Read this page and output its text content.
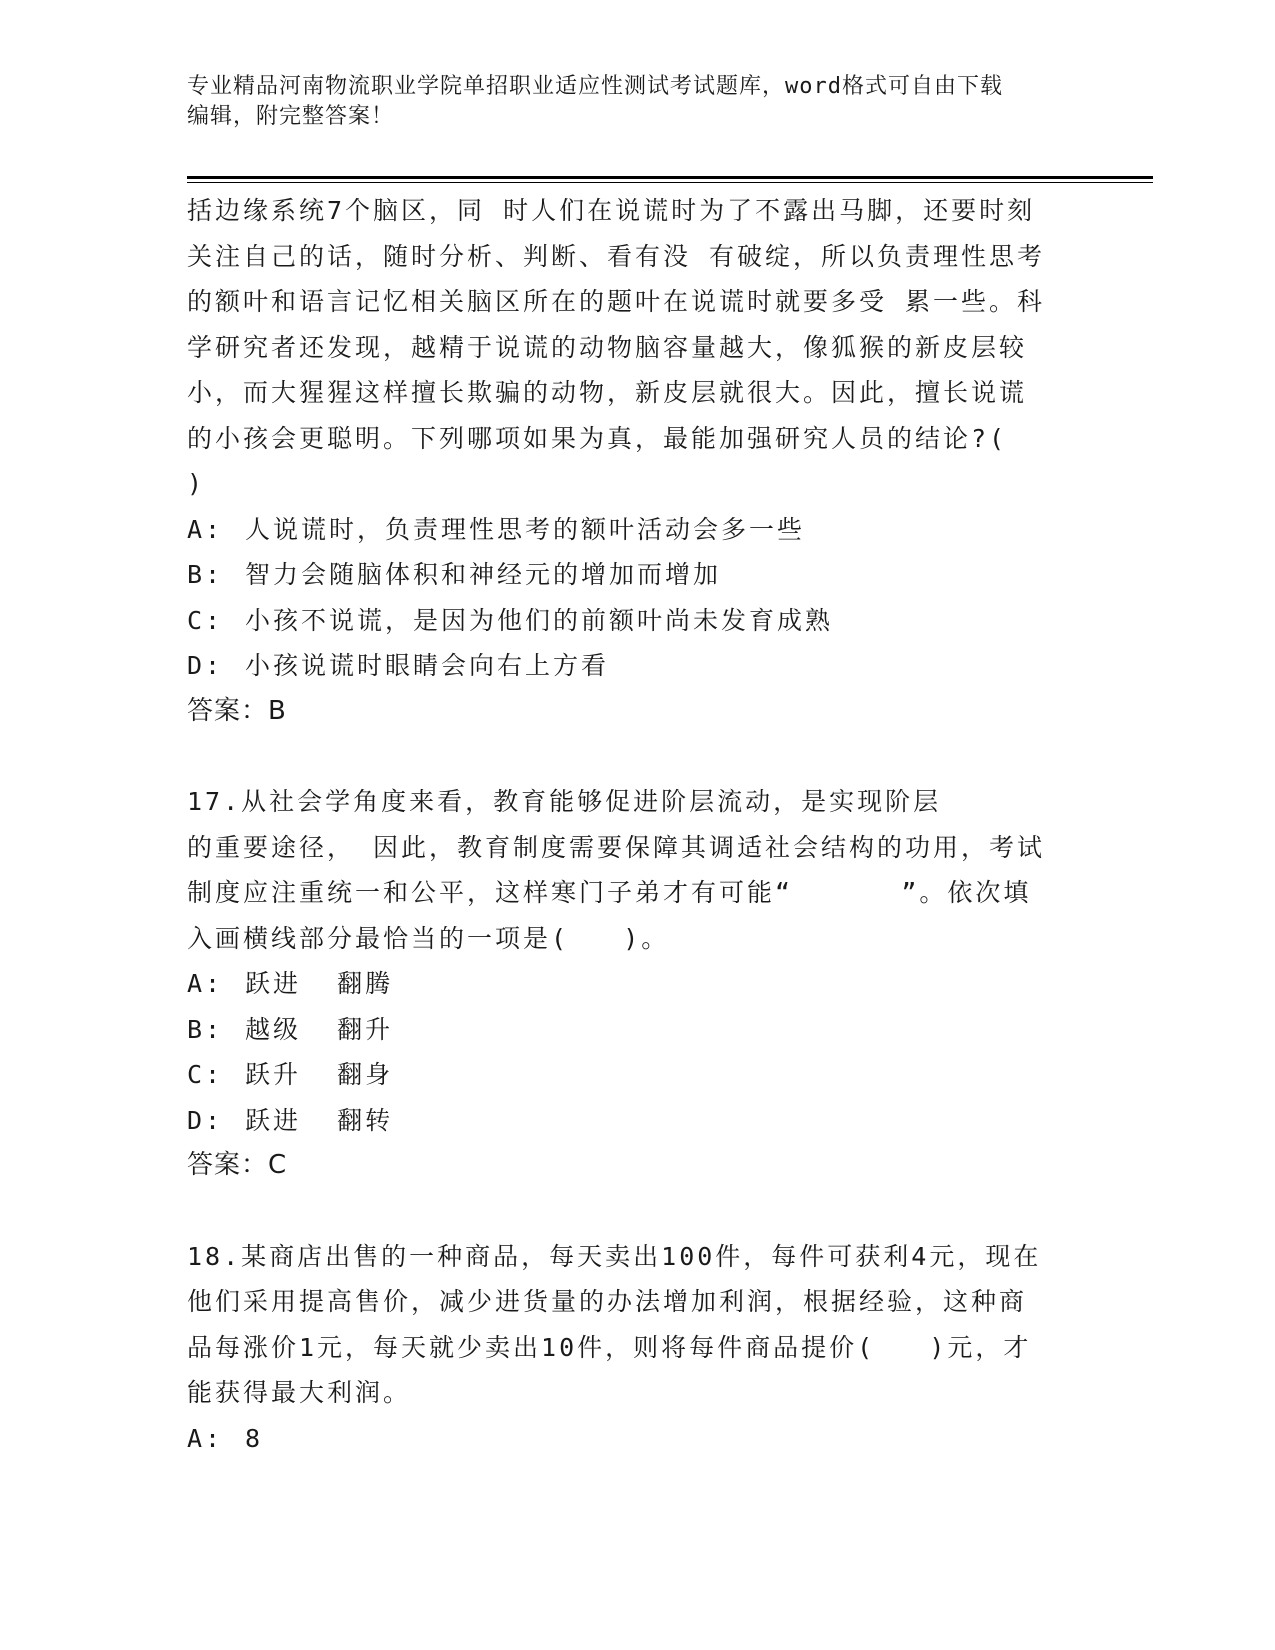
专业精品河南物流职业学院单招职业适应性测试考试题库，word格式可自由下载
编辑，附完整答案！

括边缘系统7个脑区，同 时人们在说谎时为了不露出马脚，还要时刻

关注自己的话，随时分析、判断、看有没 有破绽，所以负责理性思考

的额叶和语言记忆相关脑区所在的题叶在说谎时就要多受 累一些。科

学研究者还发现，越精于说谎的动物脑容量越大，像狐猴的新皮层较

小，而大猩猩这样擅长欺骗的动物，新皮层就很大。因此，擅长说谎

的小孩会更聪明。下列哪项如果为真，最能加强研究人员的结论?(

)

A: 人说谎时，负责理性思考的额叶活动会多一些
B: 智力会随脑体积和神经元的增加而增加
C: 小孩不说谎，是因为他们的前额叶尚未发育成熟
D: 小孩说谎时眼睛会向右上方看
答案：B

17.从社会学角度来看，教育能够促进阶层流动，是实现阶层

的重要途径， 因此，教育制度需要保障其调适社会结构的功用，考试

制度应注重统一和公平，这样寒门子弟才有可能“      ”。依次填

入画横线部分最恰当的一项是(   )。

A: 跃进  翻腾
B: 越级  翻升
C: 跃升  翻身
D: 跃进  翻转
答案：C

18.某商店出售的一种商品，每天卖出100件，每件可获利4元，现在

他们采用提高售价，减少进货量的办法增加利润，根据经验，这种商

品每涨价1元，每天就少卖出10件，则将每件商品提价(   )元，才

能获得最大利润。

A: 8
